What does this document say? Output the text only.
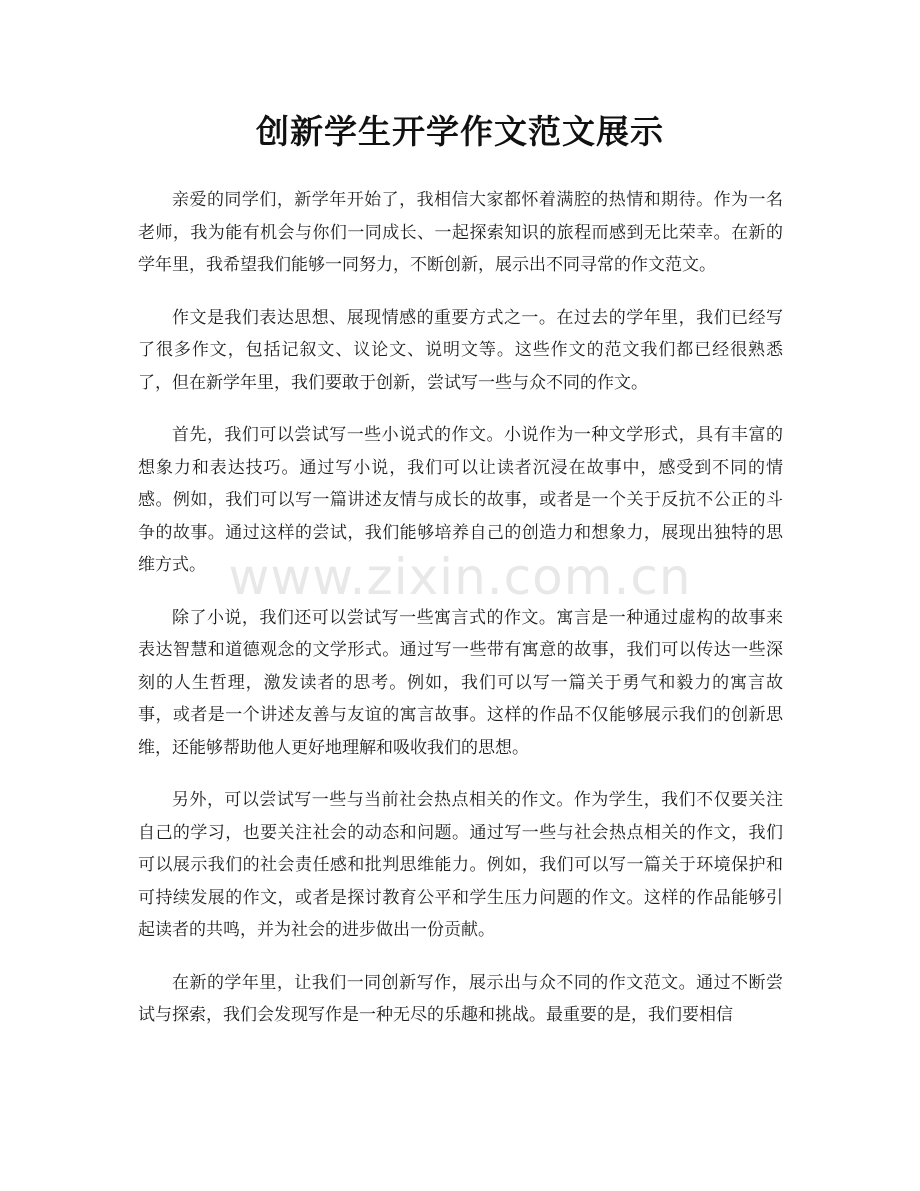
创新学生开学作文范文展示

亲爱的同学们，新学年开始了，我相信大家都怀着满腔的热情和期待。作为一名老师，我为能有机会与你们一同成长、一起探索知识的旅程而感到无比荣幸。在新的学年里，我希望我们能够一同努力，不断创新，展示出不同寻常的作文范文。

作文是我们表达思想、展现情感的重要方式之一。在过去的学年里，我们已经写了很多作文，包括记叙文、议论文、说明文等。这些作文的范文我们都已经很熟悉了，但在新学年里，我们要敢于创新，尝试写一些与众不同的作文。

首先，我们可以尝试写一些小说式的作文。小说作为一种文学形式，具有丰富的想象力和表达技巧。通过写小说，我们可以让读者沉浸在故事中，感受到不同的情感。例如，我们可以写一篇讲述友情与成长的故事，或者是一个关于反抗不公正的斗争的故事。通过这样的尝试，我们能够培养自己的创造力和想象力，展现出独特的思维方式。

除了小说，我们还可以尝试写一些寓言式的作文。寓言是一种通过虚构的故事来表达智慧和道德观念的文学形式。通过写一些带有寓意的故事，我们可以传达一些深刻的人生哲理，激发读者的思考。例如，我们可以写一篇关于勇气和毅力的寓言故事，或者是一个讲述友善与友谊的寓言故事。这样的作品不仅能够展示我们的创新思维，还能够帮助他人更好地理解和吸收我们的思想。

另外，可以尝试写一些与当前社会热点相关的作文。作为学生，我们不仅要关注自己的学习，也要关注社会的动态和问题。通过写一些与社会热点相关的作文，我们可以展示我们的社会责任感和批判思维能力。例如，我们可以写一篇关于环境保护和可持续发展的作文，或者是探讨教育公平和学生压力问题的作文。这样的作品能够引起读者的共鸣，并为社会的进步做出一份贡献。

在新的学年里，让我们一同创新写作，展示出与众不同的作文范文。通过不断尝试与探索，我们会发现写作是一种无尽的乐趣和挑战。最重要的是，我们要相信

www.zixin.com.cn
